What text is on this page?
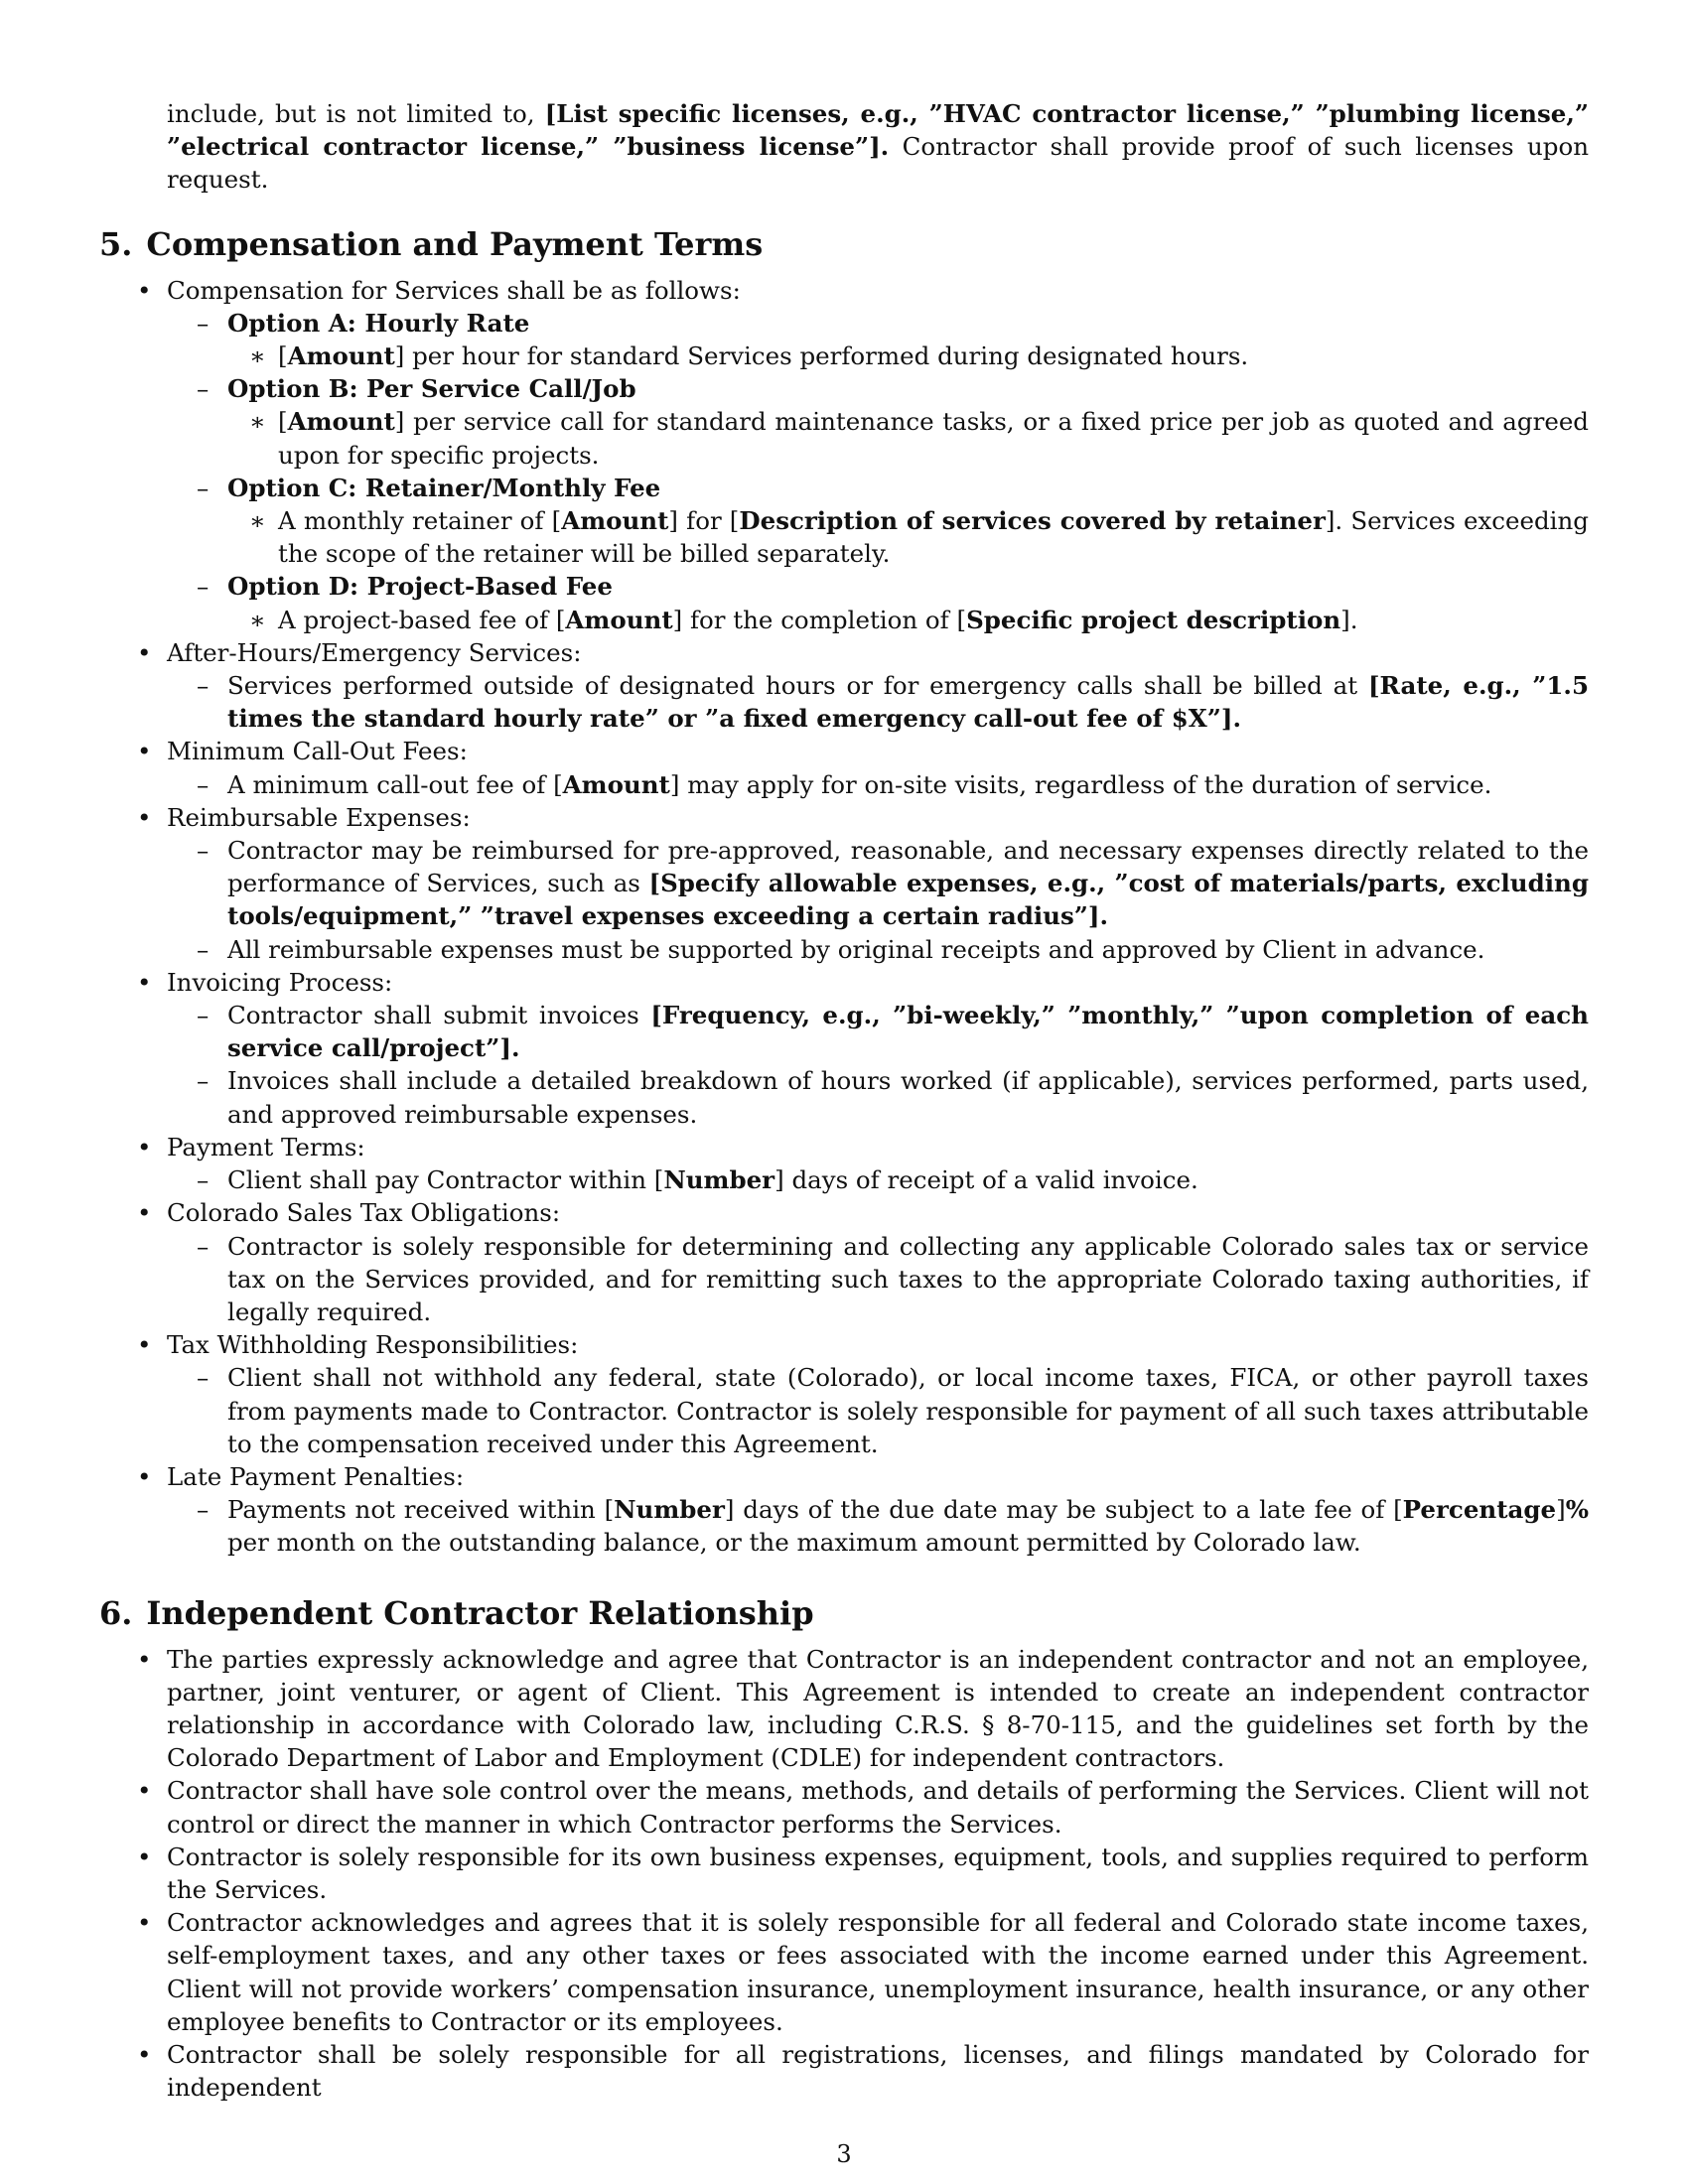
include, but is not limited to, [List specific licenses, e.g., ”HVAC contractor license,” ”plumbing license,” ”electrical contractor license,” ”business license”]. Contractor shall provide proof of such licenses upon request.

5. Compensation and Payment Terms
• Compensation for Services shall be as follows:
– Option A: Hourly Rate
∗ [Amount] per hour for standard Services performed during designated hours.
– Option B: Per Service Call/Job
∗ [Amount] per service call for standard maintenance tasks, or a fixed price per job as quoted and agreed upon for specific projects.
– Option C: Retainer/Monthly Fee
∗ A monthly retainer of [Amount] for [Description of services covered by retainer]. Services exceeding the scope of the retainer will be billed separately.
– Option D: Project-Based Fee
∗ A project-based fee of [Amount] for the completion of [Specific project description].
• After-Hours/Emergency Services:
– Services performed outside of designated hours or for emergency calls shall be billed at [Rate, e.g., ”1.5 times the standard hourly rate” or ”a fixed emergency call-out fee of $X”].
• Minimum Call-Out Fees:
– A minimum call-out fee of [Amount] may apply for on-site visits, regardless of the duration of service.
• Reimbursable Expenses:
– Contractor may be reimbursed for pre-approved, reasonable, and necessary expenses directly related to the performance of Services, such as [Specify allowable expenses, e.g., ”cost of materials/parts, excluding tools/equipment,” ”travel expenses exceeding a certain radius”].
– All reimbursable expenses must be supported by original receipts and approved by Client in advance.
• Invoicing Process:
– Contractor shall submit invoices [Frequency, e.g., ”bi-weekly,” ”monthly,” ”upon completion of each service call/project”].
– Invoices shall include a detailed breakdown of hours worked (if applicable), services performed, parts used, and approved reimbursable expenses.
• Payment Terms:
– Client shall pay Contractor within [Number] days of receipt of a valid invoice.
• Colorado Sales Tax Obligations:
– Contractor is solely responsible for determining and collecting any applicable Colorado sales tax or service tax on the Services provided, and for remitting such taxes to the appropriate Colorado taxing authorities, if legally required.
• Tax Withholding Responsibilities:
– Client shall not withhold any federal, state (Colorado), or local income taxes, FICA, or other payroll taxes from payments made to Contractor. Contractor is solely responsible for payment of all such taxes attributable to the compensation received under this Agreement.
• Late Payment Penalties:
– Payments not received within [Number] days of the due date may be subject to a late fee of [Percentage]% per month on the outstanding balance, or the maximum amount permitted by Colorado law.
6. Independent Contractor Relationship
• The parties expressly acknowledge and agree that Contractor is an independent contractor and not an employee, partner, joint venturer, or agent of Client. This Agreement is intended to create an independent contractor relationship in accordance with Colorado law, including C.R.S. § 8-70-115, and the guidelines set forth by the Colorado Department of Labor and Employment (CDLE) for independent contractors.
• Contractor shall have sole control over the means, methods, and details of performing the Services. Client will not control or direct the manner in which Contractor performs the Services.
• Contractor is solely responsible for its own business expenses, equipment, tools, and supplies required to perform the Services.
• Contractor acknowledges and agrees that it is solely responsible for all federal and Colorado state income taxes, self-employment taxes, and any other taxes or fees associated with the income earned under this Agreement. Client will not provide workers’ compensation insurance, unemployment insurance, health insurance, or any other employee benefits to Contractor or its employees.
• Contractor shall be solely responsible for all registrations, licenses, and filings mandated by Colorado for independent
3
